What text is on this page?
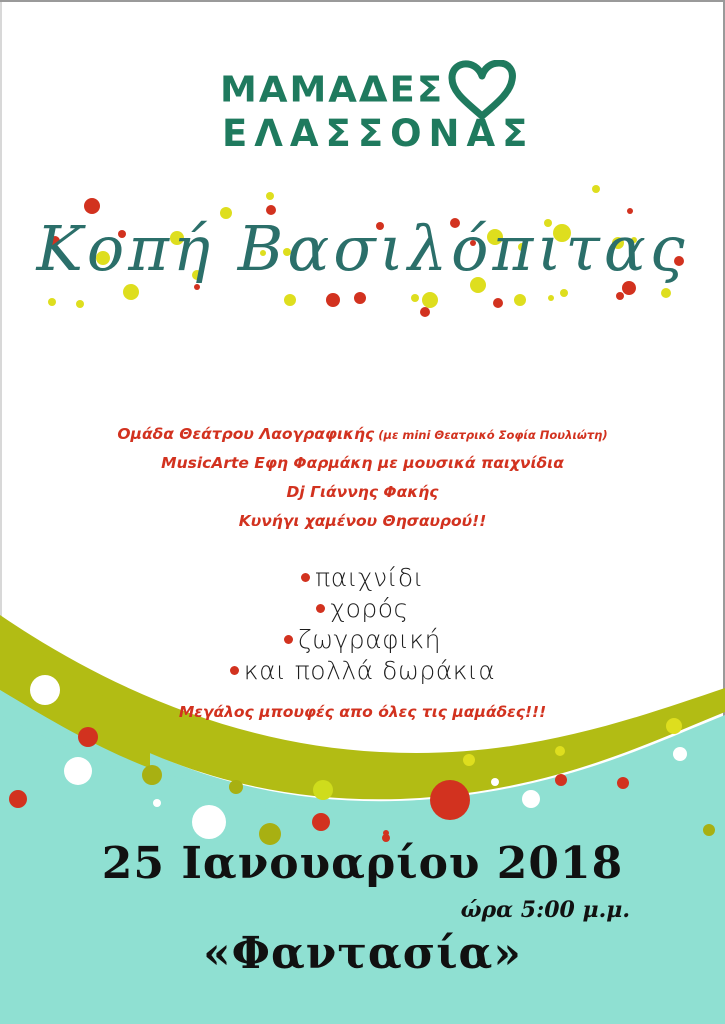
ΜΑΜΑΔΕΣ
ΕΛΑΣΣΟΝΑΣ
Κοπή Βασιλόπιτας
Ομάδα Θεάτρου Λαογραφικής (με mini Θεατρικό Σοφία Πουλιώτη)
MusicArte Εφη Φαρμάκη με μουσικά παιχνίδια
Dj Γιάννης Φακής
Κυνήγι χαμένου Θησαυρού!!
παιχνίδι
χορός
ζωγραφική
και πολλά δωράκια
Μεγάλος μπουφές απο όλες τις μαμάδες!!!
25 Ιανουαρίου 2018
ώρα 5:00 μ.μ.
«Φαντασία»
